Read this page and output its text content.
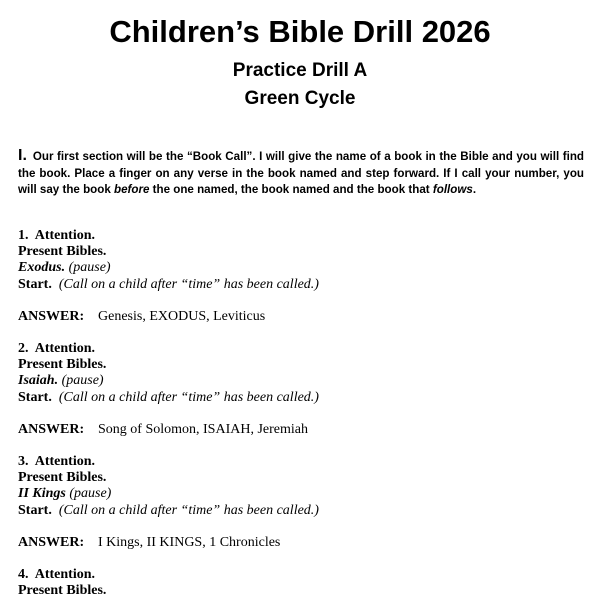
Children’s Bible Drill 2026
Practice Drill A
Green Cycle

I. Our first section will be the “Book Call”. I will give the name of a book in the Bible and you will find the book. Place a finger on any verse in the book named and step forward. If I call your number, you will say the book before the one named, the book named and the book that follows.

1. Attention.
Present Bibles.
Exodus. (pause)
Start. (Call on a child after “time” has been called.)
ANSWER: Genesis, EXODUS, Leviticus
2. Attention.
Present Bibles.
Isaiah. (pause)
Start. (Call on a child after “time” has been called.)
ANSWER: Song of Solomon, ISAIAH, Jeremiah
3. Attention.
Present Bibles.
II Kings (pause)
Start. (Call on a child after “time” has been called.)
ANSWER: I Kings, II KINGS, 1 Chronicles
4. Attention.
Present Bibles.
